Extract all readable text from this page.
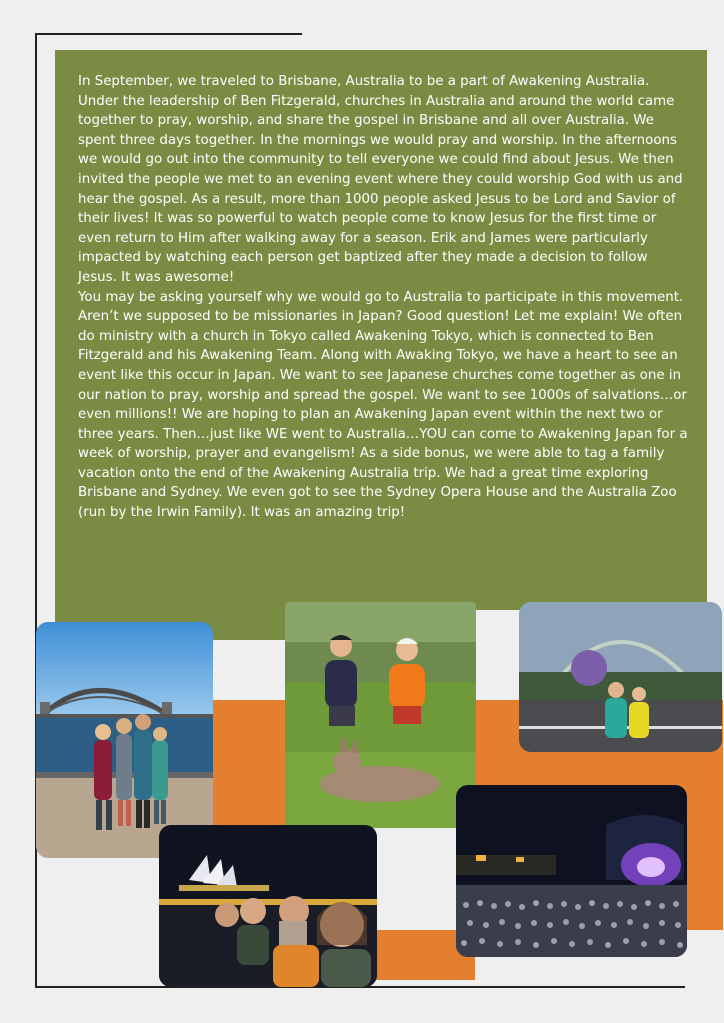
In September, we traveled to Brisbane, Australia to be a part of Awakening Australia. Under the leadership of Ben Fitzgerald, churches in Australia and around the world came together to pray, worship, and share the gospel in Brisbane and all over Australia. We spent three days together. In the mornings we would pray and worship. In the afternoons we would go out into the community to tell everyone we could find about Jesus. We then invited the people we met to an evening event where they could worship God with us and hear the gospel. As a result, more than 1000 people asked Jesus to be Lord and Savior of their lives! It was so powerful to watch people come to know Jesus for the first time or even return to Him after walking away for a season. Erik and James were particularly impacted by watching each person get baptized after they made a decision to follow Jesus. It was awesome!

You may be asking yourself why we would go to Australia to participate in this movement. Aren’t we supposed to be missionaries in Japan? Good question! Let me explain! We often do ministry with a church in Tokyo called Awakening Tokyo, which is connected to Ben Fitzgerald and his Awakening Team. Along with Awaking Tokyo, we have a heart to see an event like this occur in Japan. We want to see Japanese churches come together as one in our nation to pray, worship and spread the gospel. We want to see 1000s of salvations…or even millions!! We are hoping to plan an Awakening Japan event within the next two or three years. Then…just like WE went to Australia…YOU can come to Awakening Japan for a week of worship, prayer and evangelism! As a side bonus, we were able to tag a family vacation onto the end of the Awakening Australia trip. We had a great time exploring Brisbane and Sydney. We even got to see the Sydney Opera House and the Australia Zoo (run by the Irwin Family). It was an amazing trip!
